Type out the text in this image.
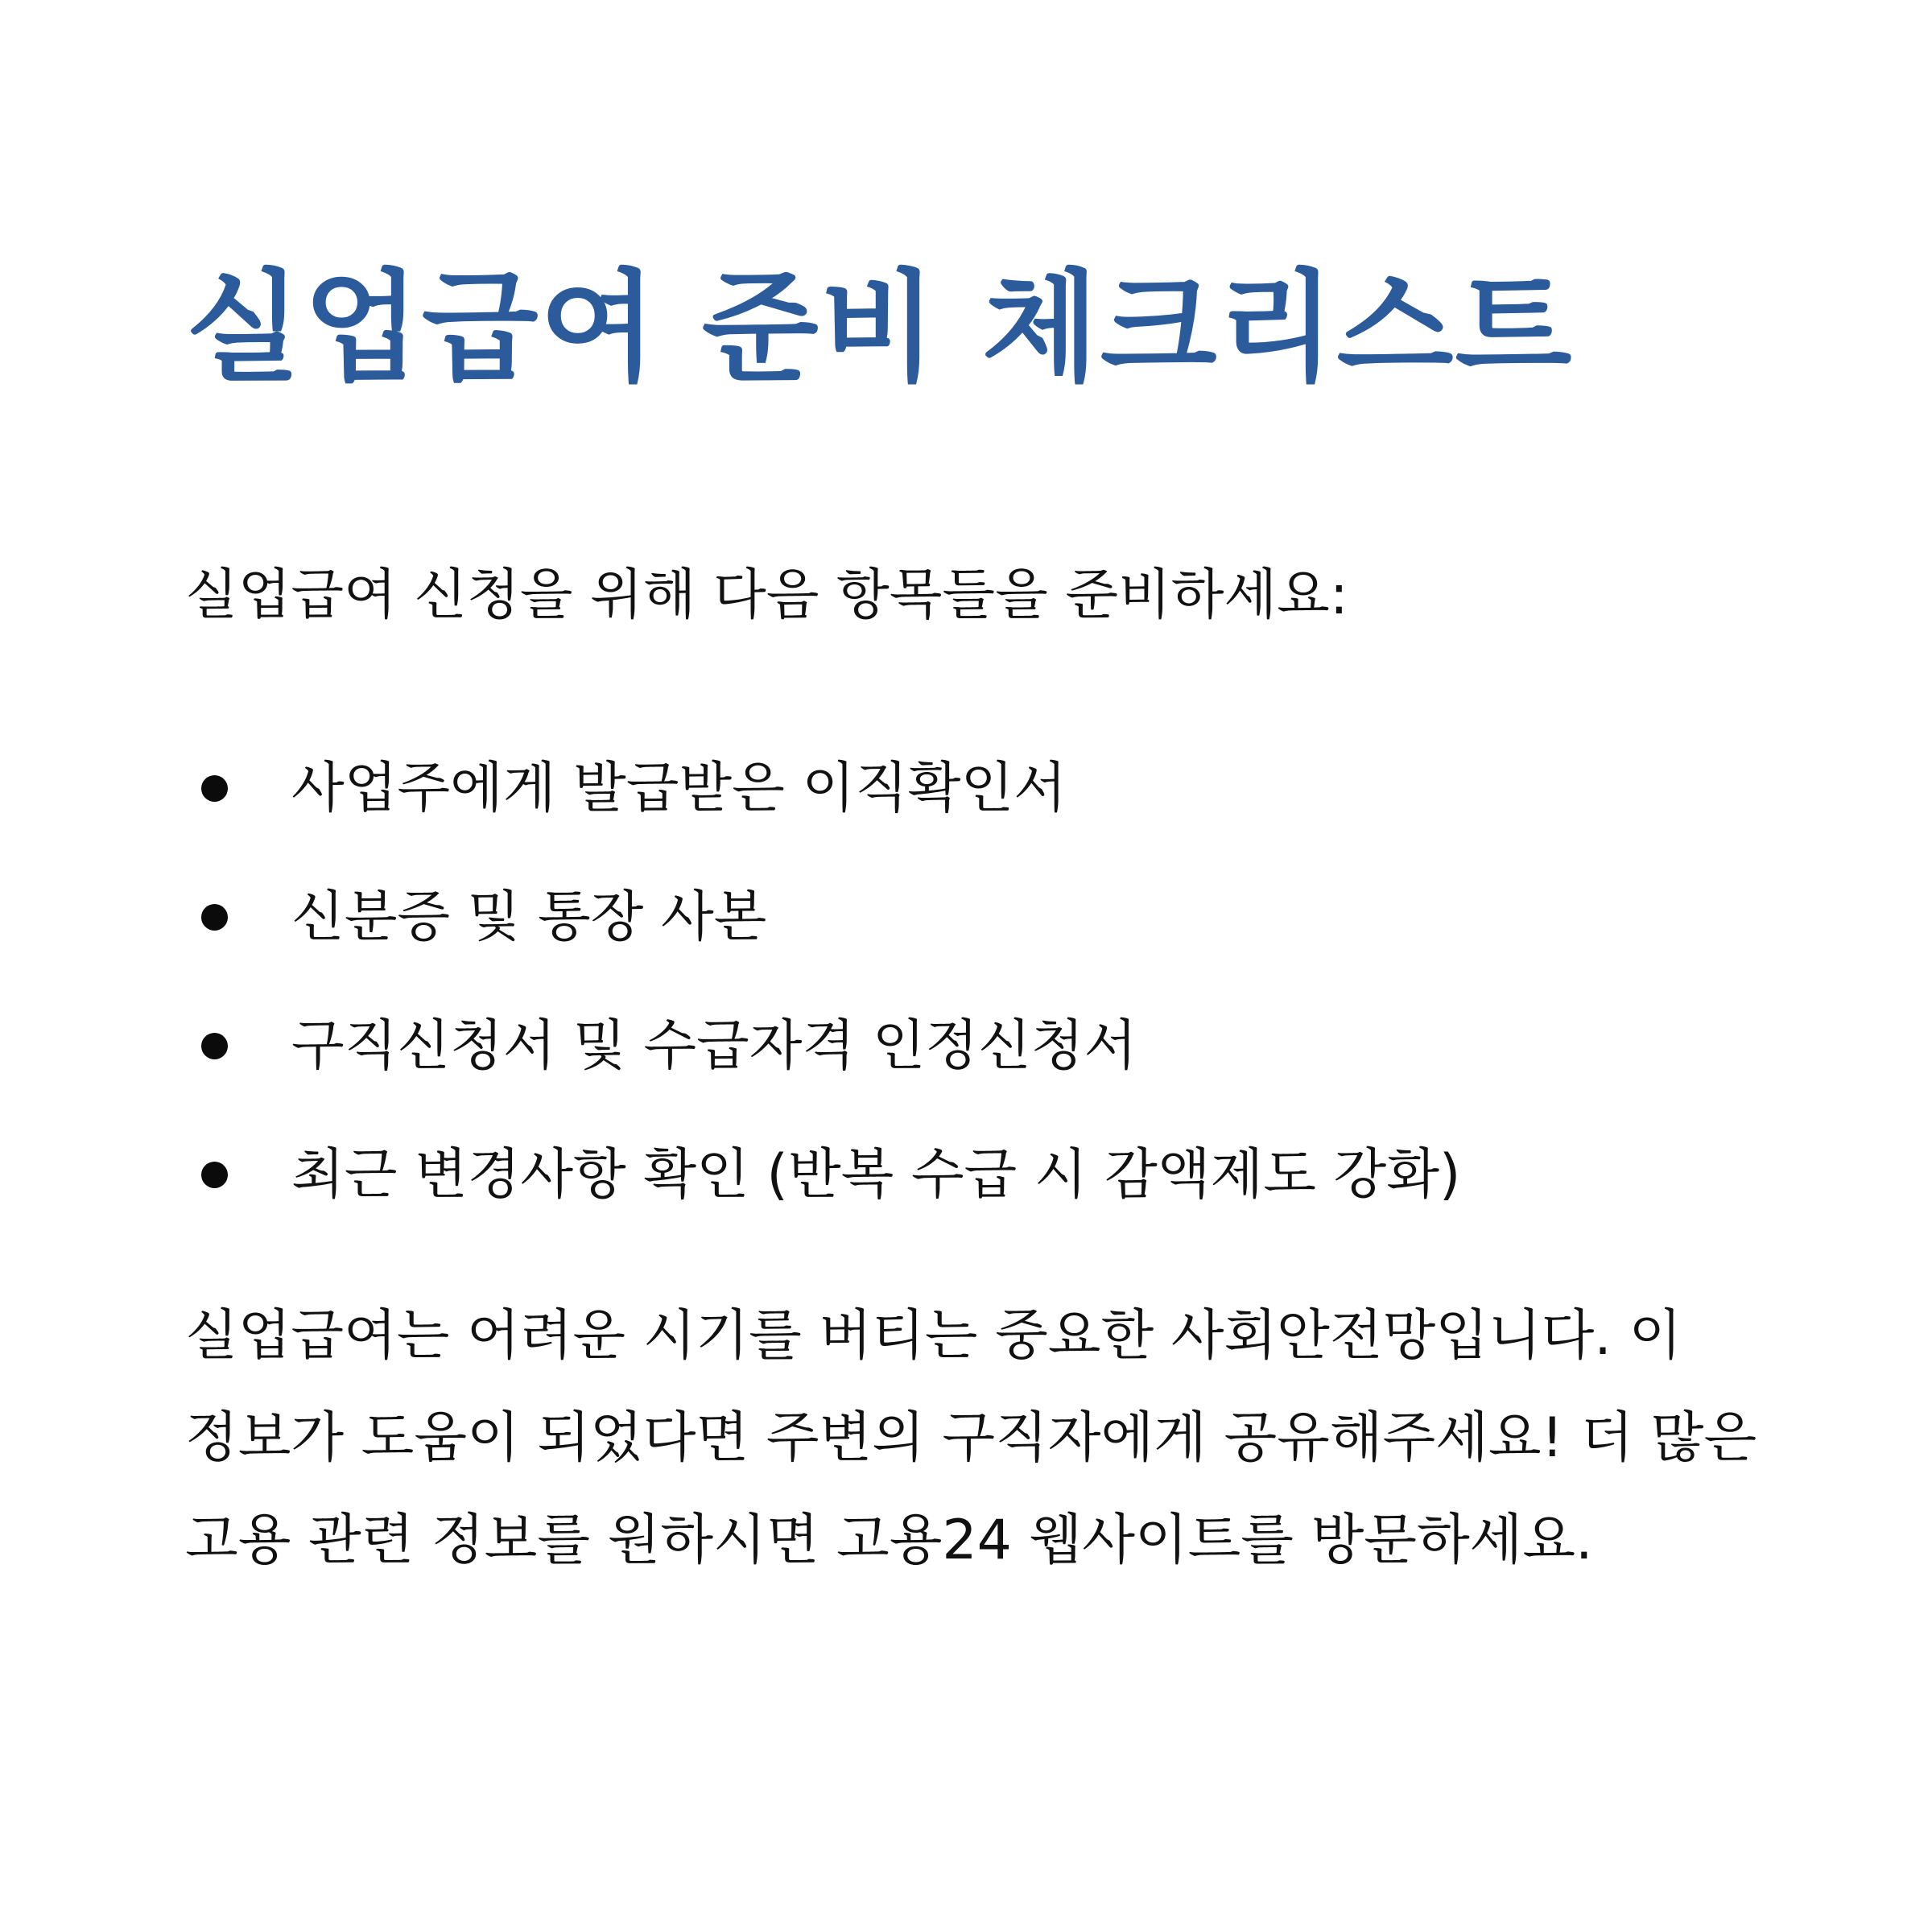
실업급여 준비 체크리스트

실업급여 신청을 위해 다음 항목들을 준비하세요:

사업주에게 발급받은 이직확인서
신분증 및 통장 사본
구직신청서 및 수급자격 인정신청서
최근 변경사항 확인 (반복 수급 시 감액제도 강화)

실업급여는 어려운 시기를 버티는 중요한 사회안전망입니다. 이 정보가 도움이 되었다면 주변의 구직자에게 공유해주세요! 더 많은 고용 관련 정보를 원하시면 고용24 웹사이트를 방문하세요.
